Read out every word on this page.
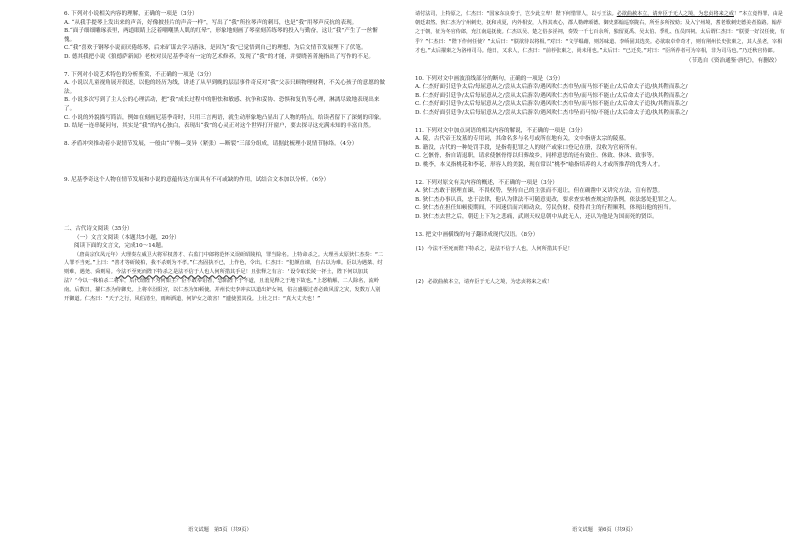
6. 下列对小说相关内容的理解，正确的一项是（3分）

A. “从我手提琴上发出来的声音，好像披挂片的声音一样”，写出了“我”所拉琴声的刺耳，也是“我”用琴声反抗的表现。

B.“面子细细雕琢表里，两道眼睛上泛着嘲嘲黑人肌的红晕”，形象地刻画了琴童刻苦练琴的投入与勤奋，这让“我”产生了一丝惭愧。

C.“我”喜欢于钢琴小说而厌倦练琴，后来矿谋去学习游泳，是因为“我”已觉悟到自己的理想，为后文情节发展埋下了伏笔。

D. 德其我把小说《狼德萨新闻》老校对员尼基季奇有一定的艺术修养，发现了“我”的才能，并要晓善菁施指出了写作的不足。

7. 下列对小说艺术特色的分析鉴赏，不正确的一项是（3分）

A. 小说以儿童视角展开叙述，以他的经历为线，讲述了从早到晚的层层事件奇反对“我”父亲只顾物理财利，不关心孩子的意愿的做法。

B. 小说多次写到了主人公的心理活动，把“我”成长过程中的胆怯和敏感、抗争和妥协、恐惧和复仇等心理，淋漓尽致地表现出来了。

C. 小说的外貌描写简洁，例如在刻画尼基季奇时，只用三言两语，就生动形象地凸显出了人物的特点，给读者留下了深刻的印象。

D. 结尾一连串疑问句，其实是“我”的内心独白，表现出“我”的心灵正对这个世界打开窗户，要去探寻这充满未知的丰富自然。

8. 矛盾冲突推动着小说情节发展，一般由“平衡—变异（紧张）—断裂”三部分组成，请据此梳理小说情节脉络。（4分）

9. 尼基季奇这个人物在情节发展和小说的意蕴传达方面具有不可或缺的作用，试结合文本加以分析。（6分）

二、古代诗文阅读（35分）

（一）文言文阅读（本题共5小题，20分）

阅读下面的文言文，完成10～14题。

（唐高宗仪凤元年）大理奏左威卫大将军权善才、右监门中郎将范怀义误斫昭陵柏，罪当除名。上特命杀之。大理丞太原狄仁杰奏：“二人罪不当死。”上曰：“善才等斫陵柏，我不杀则为不孝。”仁杰固执不已，上作色，令出。仁杰曰：“犯颜直谏，自古以为难。臣以为遇桀、纣则难，遇尧、舜则易。今法不至死而陛下特杀之是法不信于人也人何所措其手足！且张释之有言：‘设令取长陵一抔土，陛下何以加其法？’今以一株柏杀二将军，后代谓陛下为何如主？臣不敢奉诏者，恐陷陛下于不道，且羞见释之于地下故也。”上怒稍解，二人除名，流岭南。后数日，擢仁杰为侍御史。上将幸汾阳宫，以仁杰为知顿使。并州长史李冲玄以道出妒女祠，俗言盛服过者必致风雷之灾，发数万人别开御道。仁杰曰：“天子之行，风伯清尘，雨师洒道，何妒女之敢害！”遽使罢其役。上壮之曰：“真大丈夫也！”

语文试题　第5页（共9页）

请付法司，上特原之，仁杰曰：“国家东良奏于，岂少此立卑！陛下何惜罪人，以亏王法。必欲曲赦本立，请弃臣于无人之境，为忠贞将来之戒！”本立竟得罪，由是朝廷肃然。狄仁杰为宁州刺史，抚和戎夏，内外相安，人得其欢心，郡人勒碑颂德。御史郭翰巡察陇右，所至多所按劾；及入宁州境，耆老歌刺史德美者盈路。翰荐之于朝，征为冬官侍郎，充江南巡抚使。仁杰以吴、楚之俗多淫祠，奏毁一千七百余所，独留夏禹、吴太伯、季札、伍员四祠。太后谓仁杰曰：“朕要一好汉任使，有乎？”仁杰曰：“陛下作何任使？”太后曰：“朕欲待以将相。”对曰：“文学缊藉，则苏味道、李峤固其选矣。必欲取卓荦奇才，则有荆州长史张柬之，其人虽老，宰相才也。”太后擢柬之为洛州司马。他日，又求人，仁杰曰：“前荐张柬之，尚未用也。”太后曰：“已迁矣。”对曰：“臣所荐者可为宰相，非为司马也。”乃迁秋官侍郎。

（节选自《资治通鉴·唐纪》，有删改）

10. 下列对文中画波浪线部分的断句，正确的一项是（3分）

A. 仁杰好面引廷争太后/每屈意从之/尝从太后游幸/遇风吹仁杰巾坠/而马惊不能止/太后命太子追/执其鞚而系之/

B. 仁杰好面引廷争/太后每屈意从之/尝从太后游幸/遇风吹仁杰巾坠/而马惊不能止/太后命太子追/执其鞚而系之/

C. 仁杰好面引廷争/太后每屈意从之/尝从太后游幸/遇风吹仁杰巾坠/而马惊不能止/太后命太子追执/其鞚而系之/

D. 仁杰好面引廷争/太后每屈意从之/尝从太后游幸/遇风吹仁杰巾坠而马惊/不能止/太后命太子追/执其鞚而系之/

11. 下列对文中加点词语的相关内容的解说，不正确的一项是（3分）

A. 陵，古代帝王坟墓的专用词，其命名多与名号或所在地有关，文中指唐太宗的陵墓。

B. 籍没，古代的一种处罚手段，是指将犯罪之人的财产或家口登记在册，没收为官府所有。

C. 乞骸骨，指自请退职，请求使骸骨得以归葬故乡，同样意思的还有致仕、休致、休沐、致事等。

D. 桃李，本义指桃花和李花，形容人的美貌，现在常以“桃李”喻指培养的人才或所推荐的优秀人才。

12. 下列对原文有关内容的概述，不正确的一项是（3分）

A. 狄仁杰敢于据理直谏，不畏权势，坚持自己的主张而不退让，但在确凿中又讲究方法，宣有智慧。

B. 狄仁杰办事认真，忠于法律，他认为律法不可随意更改，要求查实核查规定的条例，依法惩处犯罪之人。

C. 狄仁杰在担任知顿使期间，不因迷信而兴师动众，劳民伤财，使得君主的行程顺利，体现出他的担当。

D. 狄仁杰去世之后，朝廷上下为之悲痛，武则天叹息朝中从此无人，还认为他是为国而死的贤臣。

13. 把文中画横线的句子翻译成现代汉语。（8分）

(1) 今法不至死而陛下特杀之，是法不信于人也，人何所措其手足！

(2) 必欲曲赦本立，请弃臣于无人之境，为忠贞将来之戒！

语文试题　第6页（共9页）
